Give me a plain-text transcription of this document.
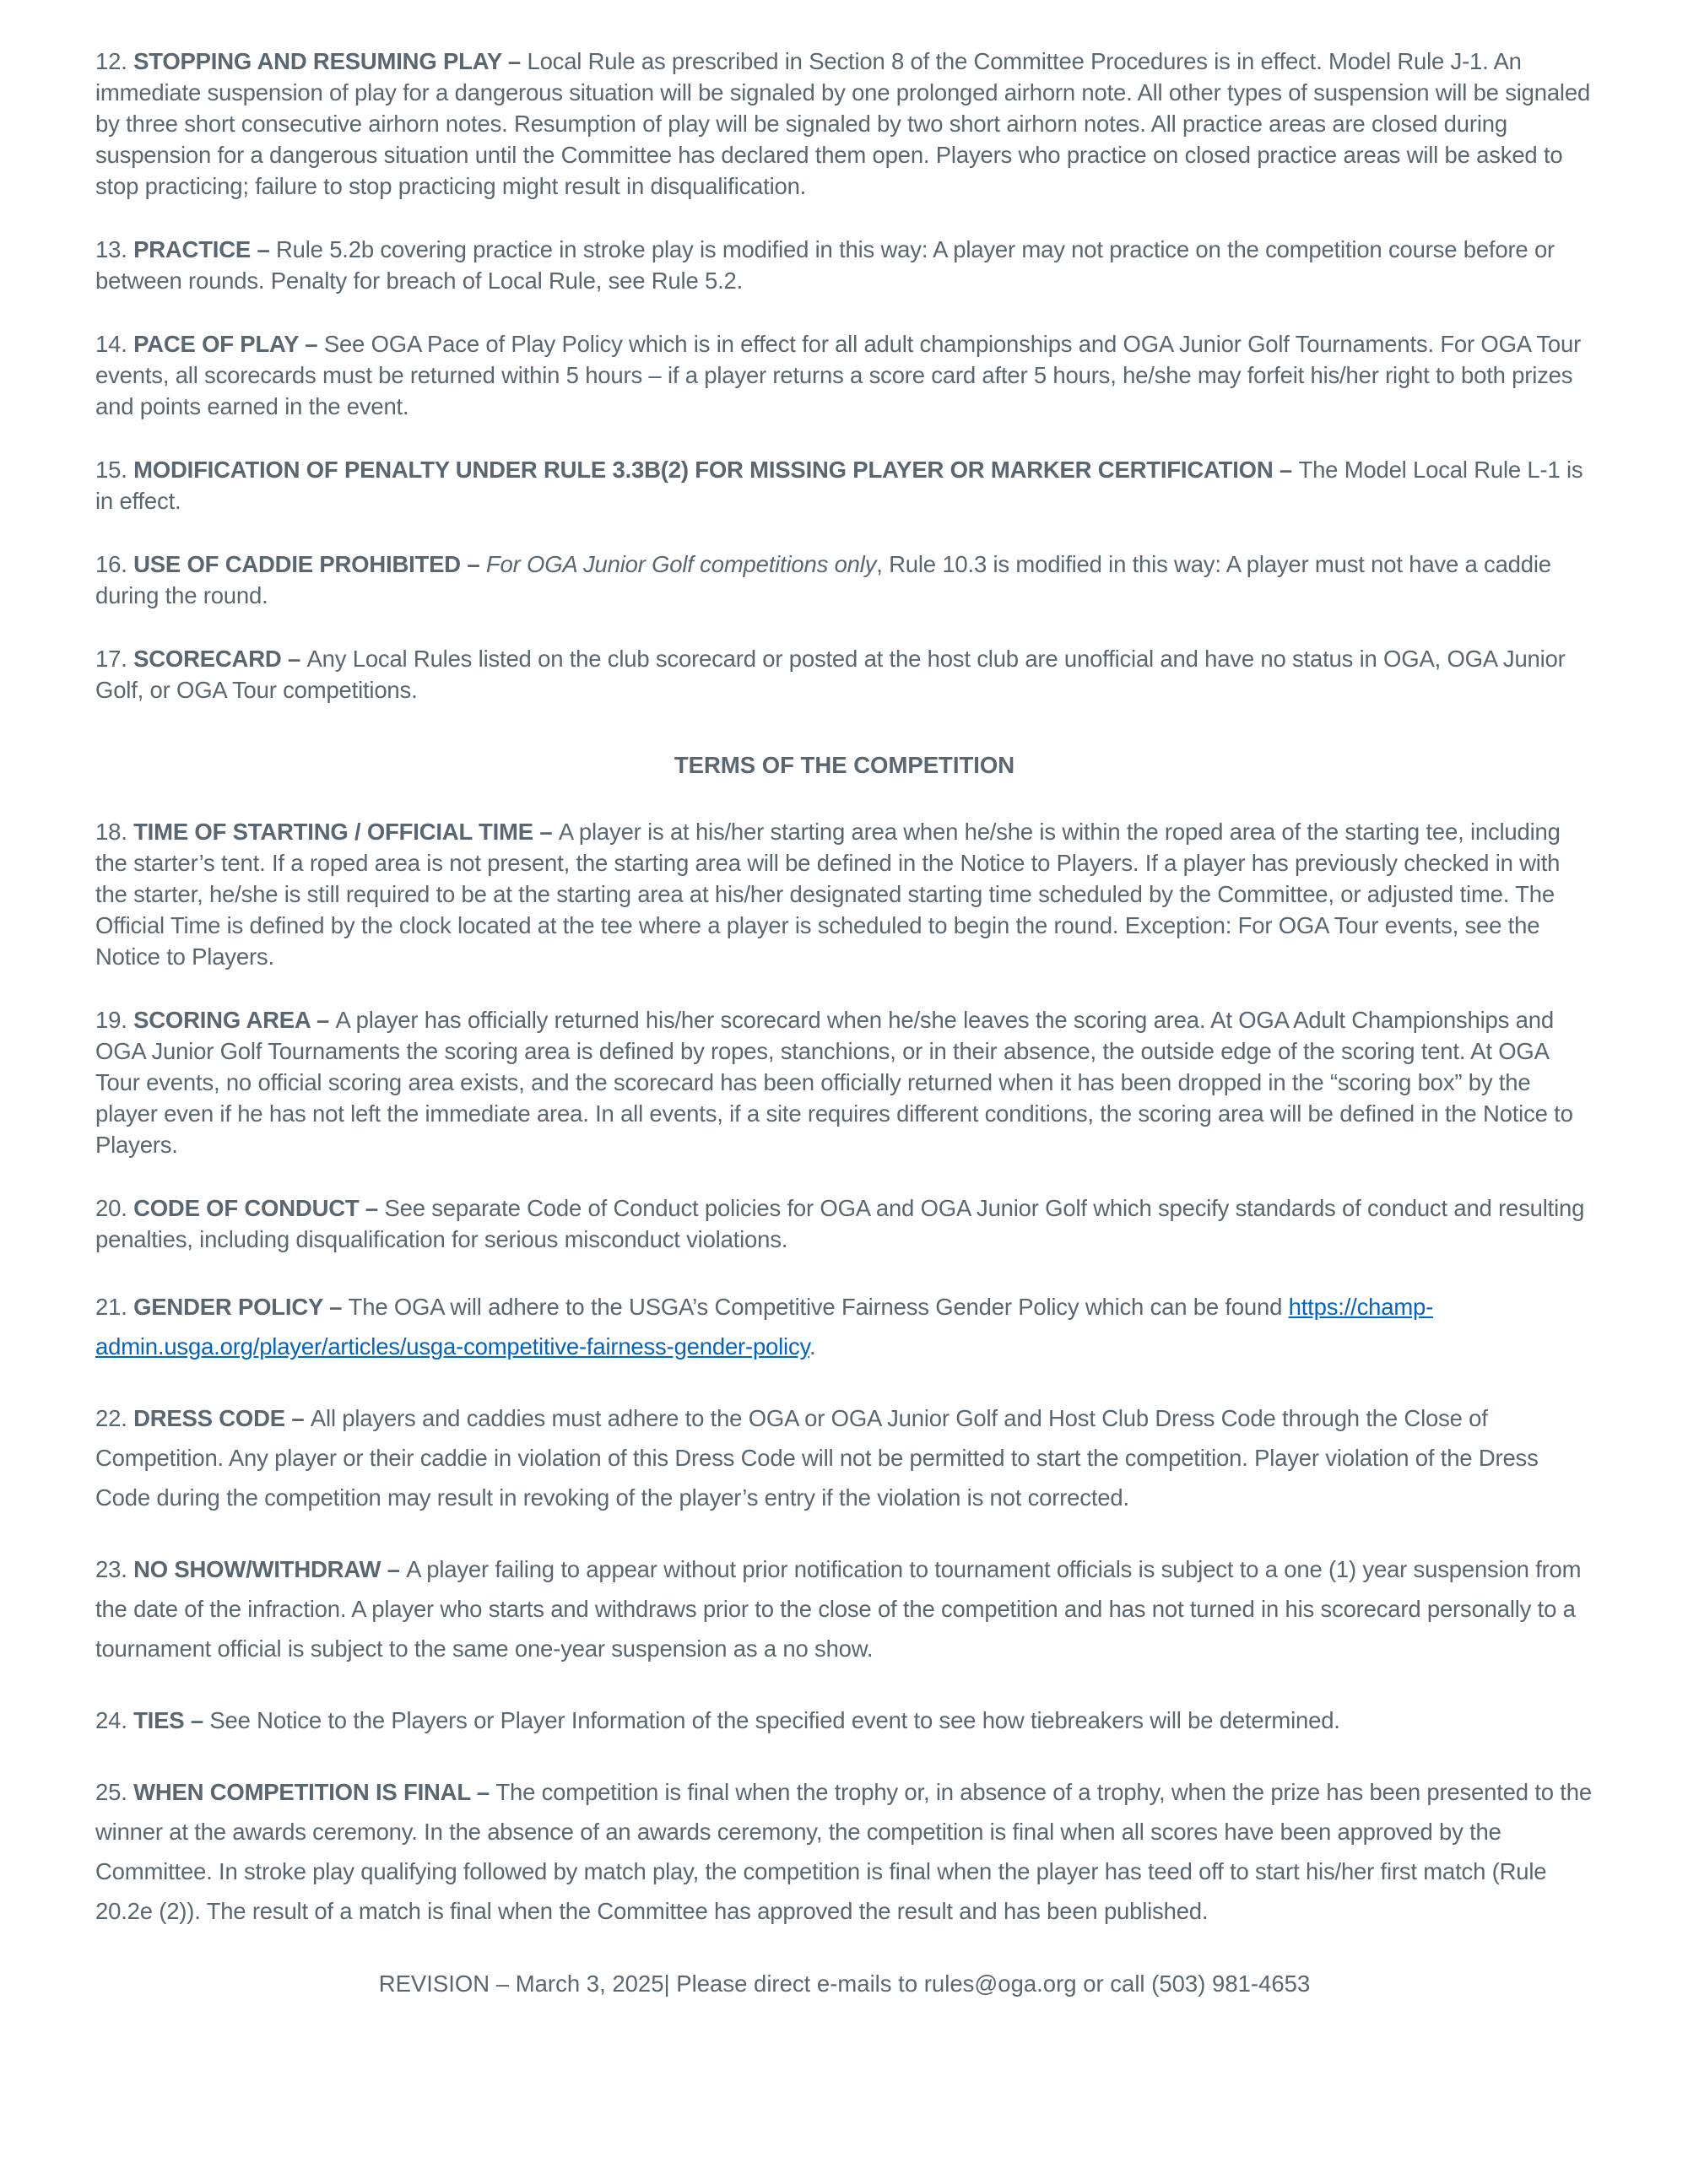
12. STOPPING AND RESUMING PLAY – Local Rule as prescribed in Section 8 of the Committee Procedures is in effect. Model Rule J-1. An immediate suspension of play for a dangerous situation will be signaled by one prolonged airhorn note. All other types of suspension will be signaled by three short consecutive airhorn notes. Resumption of play will be signaled by two short airhorn notes. All practice areas are closed during suspension for a dangerous situation until the Committee has declared them open. Players who practice on closed practice areas will be asked to stop practicing; failure to stop practicing might result in disqualification.

13. PRACTICE – Rule 5.2b covering practice in stroke play is modified in this way: A player may not practice on the competition course before or between rounds. Penalty for breach of Local Rule, see Rule 5.2.

14. PACE OF PLAY – See OGA Pace of Play Policy which is in effect for all adult championships and OGA Junior Golf Tournaments. For OGA Tour events, all scorecards must be returned within 5 hours – if a player returns a score card after 5 hours, he/she may forfeit his/her right to both prizes and points earned in the event.

15. MODIFICATION OF PENALTY UNDER RULE 3.3B(2) FOR MISSING PLAYER OR MARKER CERTIFICATION – The Model Local Rule L-1 is in effect.

16. USE OF CADDIE PROHIBITED – For OGA Junior Golf competitions only, Rule 10.3 is modified in this way: A player must not have a caddie during the round.

17. SCORECARD – Any Local Rules listed on the club scorecard or posted at the host club are unofficial and have no status in OGA, OGA Junior Golf, or OGA Tour competitions.

TERMS OF THE COMPETITION

18. TIME OF STARTING / OFFICIAL TIME – A player is at his/her starting area when he/she is within the roped area of the starting tee, including the starter’s tent. If a roped area is not present, the starting area will be defined in the Notice to Players. If a player has previously checked in with the starter, he/she is still required to be at the starting area at his/her designated starting time scheduled by the Committee, or adjusted time. The Official Time is defined by the clock located at the tee where a player is scheduled to begin the round. Exception: For OGA Tour events, see the Notice to Players.

19. SCORING AREA – A player has officially returned his/her scorecard when he/she leaves the scoring area. At OGA Adult Championships and OGA Junior Golf Tournaments the scoring area is defined by ropes, stanchions, or in their absence, the outside edge of the scoring tent. At OGA Tour events, no official scoring area exists, and the scorecard has been officially returned when it has been dropped in the “scoring box” by the player even if he has not left the immediate area. In all events, if a site requires different conditions, the scoring area will be defined in the Notice to Players.

20. CODE OF CONDUCT – See separate Code of Conduct policies for OGA and OGA Junior Golf which specify standards of conduct and resulting penalties, including disqualification for serious misconduct violations.

21. GENDER POLICY – The OGA will adhere to the USGA’s Competitive Fairness Gender Policy which can be found https://champ-admin.usga.org/player/articles/usga-competitive-fairness-gender-policy.

22. DRESS CODE – All players and caddies must adhere to the OGA or OGA Junior Golf and Host Club Dress Code through the Close of Competition. Any player or their caddie in violation of this Dress Code will not be permitted to start the competition. Player violation of the Dress Code during the competition may result in revoking of the player’s entry if the violation is not corrected.

23. NO SHOW/WITHDRAW – A player failing to appear without prior notification to tournament officials is subject to a one (1) year suspension from the date of the infraction. A player who starts and withdraws prior to the close of the competition and has not turned in his scorecard personally to a tournament official is subject to the same one-year suspension as a no show.

24. TIES – See Notice to the Players or Player Information of the specified event to see how tiebreakers will be determined.

25. WHEN COMPETITION IS FINAL – The competition is final when the trophy or, in absence of a trophy, when the prize has been presented to the winner at the awards ceremony. In the absence of an awards ceremony, the competition is final when all scores have been approved by the Committee. In stroke play qualifying followed by match play, the competition is final when the player has teed off to start his/her first match (Rule 20.2e (2)). The result of a match is final when the Committee has approved the result and has been published.

REVISION – March 3, 2025| Please direct e-mails to rules@oga.org or call (503) 981-4653
